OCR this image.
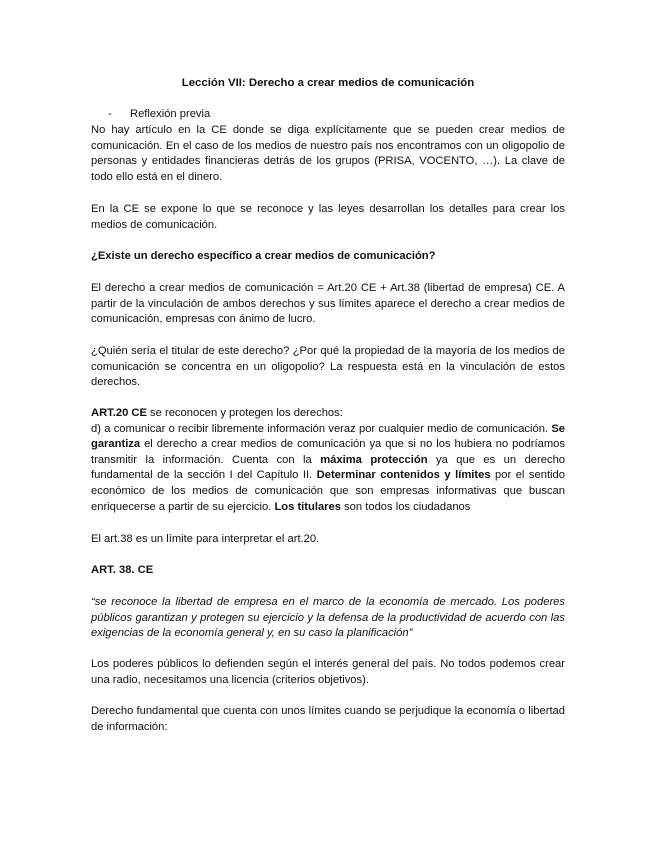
Lección VII: Derecho a crear medios de comunicación
- Reflexión previa

No hay artículo en la CE donde se diga explícitamente que se pueden crear medios de comunicación. En el caso de los medios de nuestro país nos encontramos con un oligopolio de personas y entidades financieras detrás de los grupos (PRISA, VOCENTO, …). La clave de todo ello está en el dinero.

En la CE se expone lo que se reconoce y las leyes desarrollan los detalles para crear los medios de comunicación.

¿Existe un derecho específico a crear medios de comunicación?

El derecho a crear medios de comunicación = Art.20 CE + Art.38 (libertad de empresa) CE. A partir de la vinculación de ambos derechos y sus límites aparece el derecho a crear medios de comunicación, empresas con ánimo de lucro.

¿Quién sería el titular de este derecho? ¿Por qué la propiedad de la mayoría de los medios de comunicación se concentra en un oligopolio? La respuesta está en la vinculación de estos derechos.

ART.20 CE se reconocen y protegen los derechos:
d) a comunicar o recibir libremente información veraz por cualquier medio de comunicación. Se garantiza el derecho a crear medios de comunicación ya que si no los hubiera no podríamos transmitir la información. Cuenta con la máxima protección ya que es un derecho fundamental de la sección I del Capítulo II. Determinar contenidos y límites por el sentido económico de los medios de comunicación que son empresas informativas que buscan enriquecerse a partir de su ejercicio. Los titulares son todos los ciudadanos

El art.38 es un límite para interpretar el art.20.

ART. 38. CE

“se reconoce la libertad de empresa en el marco de la economía de mercado. Los poderes públicos garantizan y protegen su ejercicio y la defensa de la productividad de acuerdo con las exigencias de la economía general y, en su caso la planificación”

Los poderes públicos lo defienden según el interés general del país. No todos podemos crear una radio, necesitamos una licencia (criterios objetivos).

Derecho fundamental que cuenta con unos límites cuando se perjudique la economía o libertad de información:
